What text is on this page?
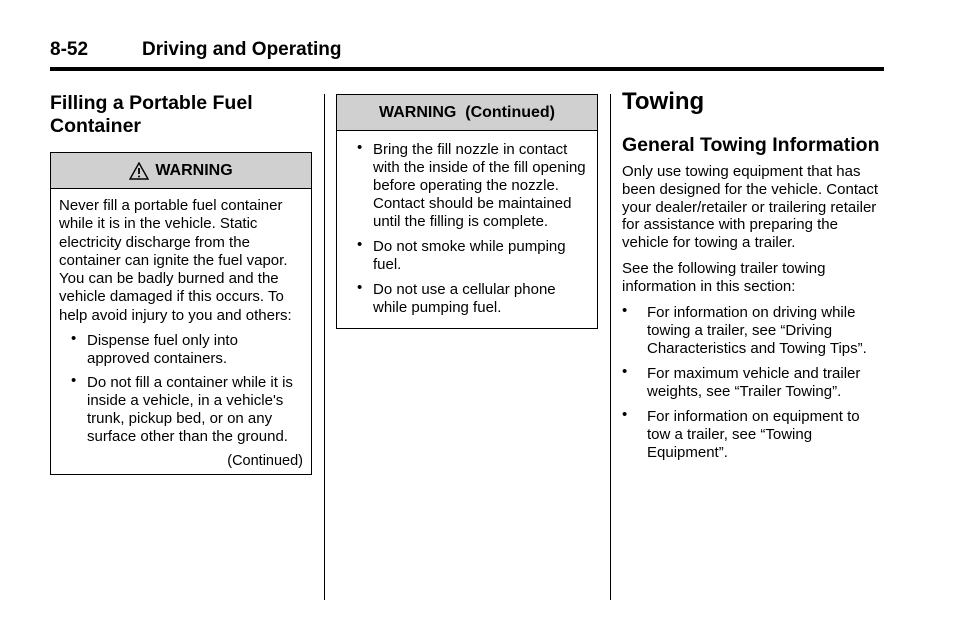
8-52	Driving and Operating
Filling a Portable Fuel Container
WARNING

Never fill a portable fuel container while it is in the vehicle. Static electricity discharge from the container can ignite the fuel vapor. You can be badly burned and the vehicle damaged if this occurs. To help avoid injury to you and others:

• Dispense fuel only into approved containers.
• Do not fill a container while it is inside a vehicle, in a vehicle's trunk, pickup bed, or on any surface other than the ground.
(Continued)
WARNING  (Continued)
• Bring the fill nozzle in contact with the inside of the fill opening before operating the nozzle. Contact should be maintained until the filling is complete.
• Do not smoke while pumping fuel.
• Do not use a cellular phone while pumping fuel.
Towing
General Towing Information

Only use towing equipment that has been designed for the vehicle. Contact your dealer/retailer or trailering retailer for assistance with preparing the vehicle for towing a trailer.

See the following trailer towing information in this section:

• For information on driving while towing a trailer, see “Driving Characteristics and Towing Tips”.
• For maximum vehicle and trailer weights, see “Trailer Towing”.
• For information on equipment to tow a trailer, see “Towing Equipment”.
